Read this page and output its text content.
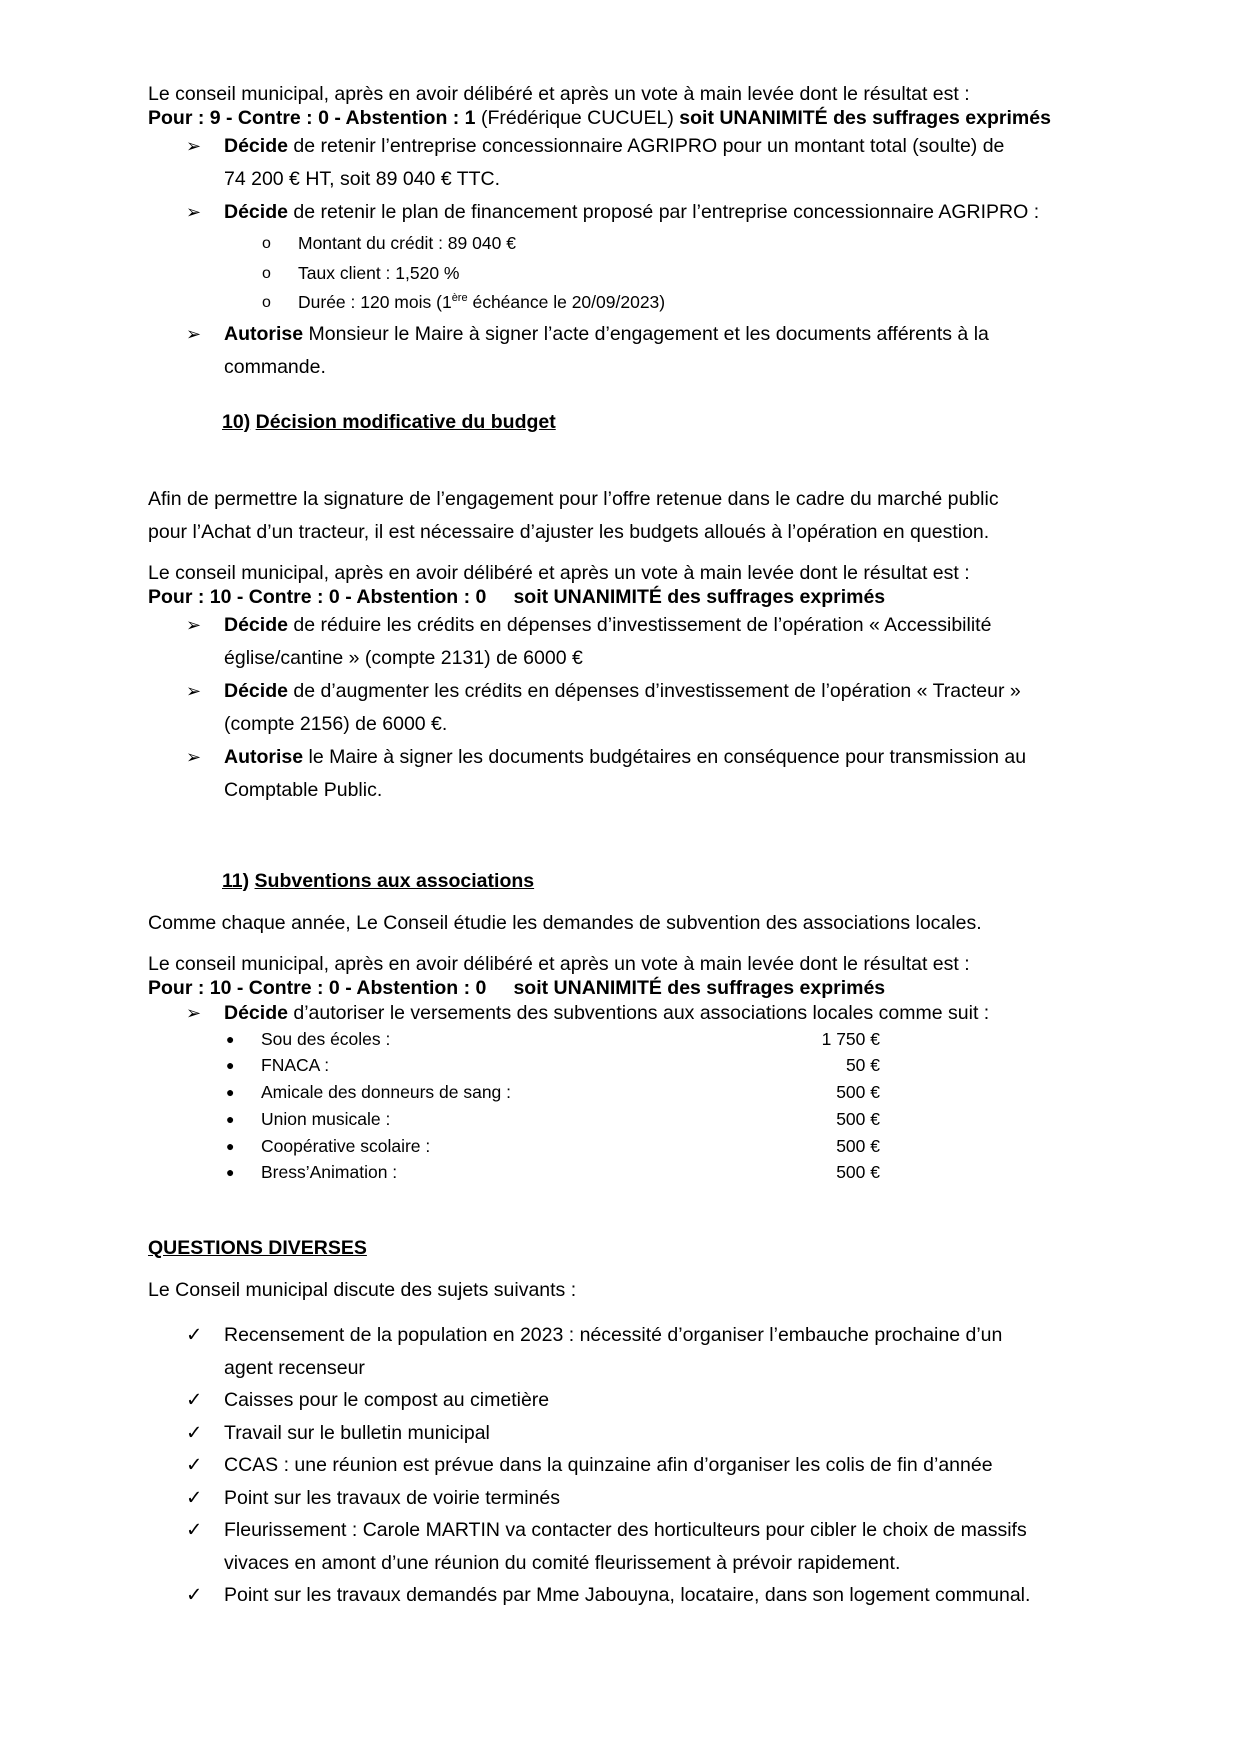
Le conseil municipal, après en avoir délibéré et après un vote à main levée dont le résultat est :

Pour : 9 - Contre : 0 - Abstention : 1 (Frédérique CUCUEL) soit UNANIMITÉ des suffrages exprimés

➢ Décide de retenir l’entreprise concessionnaire AGRIPRO pour un montant total (soulte) de
74 200 € HT, soit 89 040 € TTC.
➢ Décide de retenir le plan de financement proposé par l’entreprise concessionnaire AGRIPRO :
o Montant du crédit : 89 040 €
o Taux client : 1,520 %
o Durée : 120 mois (1ère échéance le 20/09/2023)
➢ Autorise Monsieur le Maire à signer l’acte d’engagement et les documents afférents à la
commande.

10) Décision modificative du budget

Afin de permettre la signature de l’engagement pour l’offre retenue dans le cadre du marché public
pour l’Achat d’un tracteur, il est nécessaire d’ajuster les budgets alloués à l’opération en question.

Le conseil municipal, après en avoir délibéré et après un vote à main levée dont le résultat est :

Pour : 10 - Contre : 0 - Abstention : 0     soit UNANIMITÉ des suffrages exprimés

➢ Décide de réduire les crédits en dépenses d’investissement de l’opération « Accessibilité
église/cantine » (compte 2131) de 6000 €
➢ Décide de d’augmenter les crédits en dépenses d’investissement de l’opération « Tracteur »
(compte 2156) de 6000 €.
➢ Autorise le Maire à signer les documents budgétaires en conséquence pour transmission au
Comptable Public.

11) Subventions aux associations

Comme chaque année, Le Conseil étudie les demandes de subvention des associations locales.

Le conseil municipal, après en avoir délibéré et après un vote à main levée dont le résultat est :

Pour : 10 - Contre : 0 - Abstention : 0     soit UNANIMITÉ des suffrages exprimés

➢ Décide d’autoriser le versements des subventions aux associations locales comme suit :
● Sou des écoles :	1 750 €
● FNACA :	50 €
● Amicale des donneurs de sang :	500 €
● Union musicale :	500 €
● Coopérative scolaire :	500 €
● Bress’Animation :	500 €

QUESTIONS DIVERSES

Le Conseil municipal discute des sujets suivants :

✓ Recensement de la population en 2023 : nécessité d’organiser l’embauche prochaine d’un
agent recenseur
✓ Caisses pour le compost au cimetière
✓ Travail sur le bulletin municipal
✓ CCAS : une réunion est prévue dans la quinzaine afin d’organiser les colis de fin d’année
✓ Point sur les travaux de voirie terminés
✓ Fleurissement : Carole MARTIN va contacter des horticulteurs pour cibler le choix de massifs
vivaces en amont d’une réunion du comité fleurissement à prévoir rapidement.
✓ Point sur les travaux demandés par Mme Jabouyna, locataire, dans son logement communal.
